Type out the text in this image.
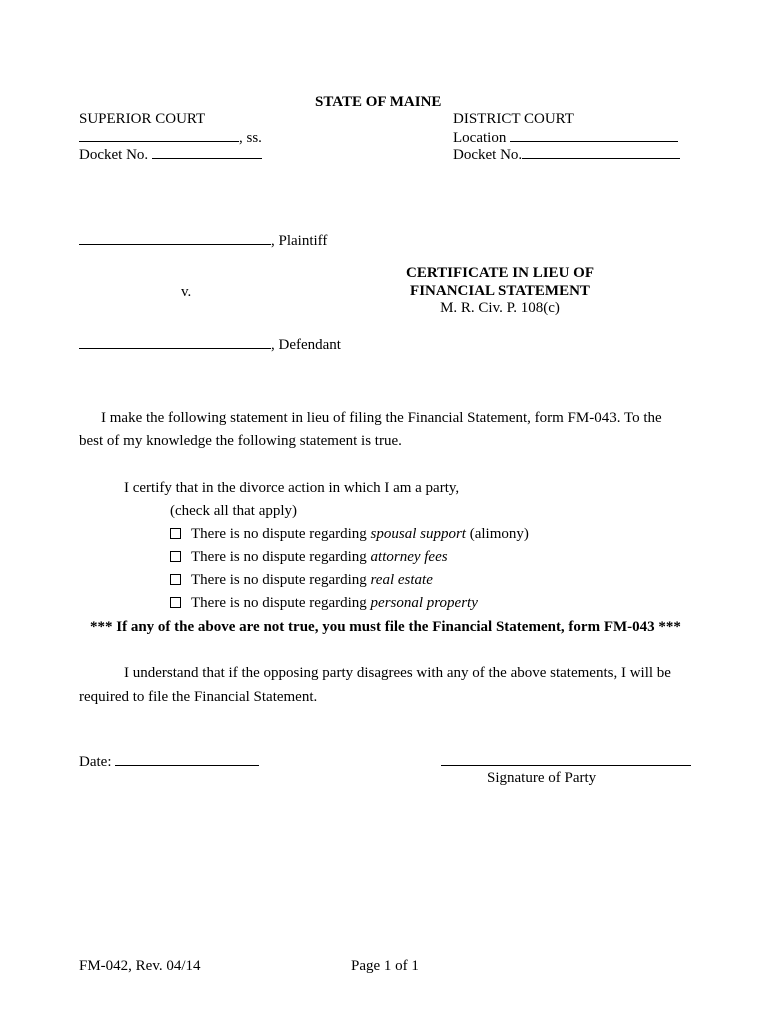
STATE OF MAINE
SUPERIOR COURT
, ss.
Docket No.
DISTRICT COURT
Location
Docket No.
, Plaintiff
v.
, Defendant
CERTIFICATE IN LIEU OF
FINANCIAL STATEMENT
M. R. Civ. P. 108(c)
I make the following statement in lieu of filing the Financial Statement, form FM-043. To the
best of my knowledge the following statement is true.
I certify that in the divorce action in which I am a party,
(check all that apply)
There is no dispute regarding spousal support (alimony)
There is no dispute regarding attorney fees
There is no dispute regarding real estate
There is no dispute regarding personal property
*** If any of the above are not true, you must file the Financial Statement, form FM-043 ***
I understand that if the opposing party disagrees with any of the above statements, I will be
required to file the Financial Statement.
Date:
Signature of Party
FM-042, Rev. 04/14	Page 1 of 1
